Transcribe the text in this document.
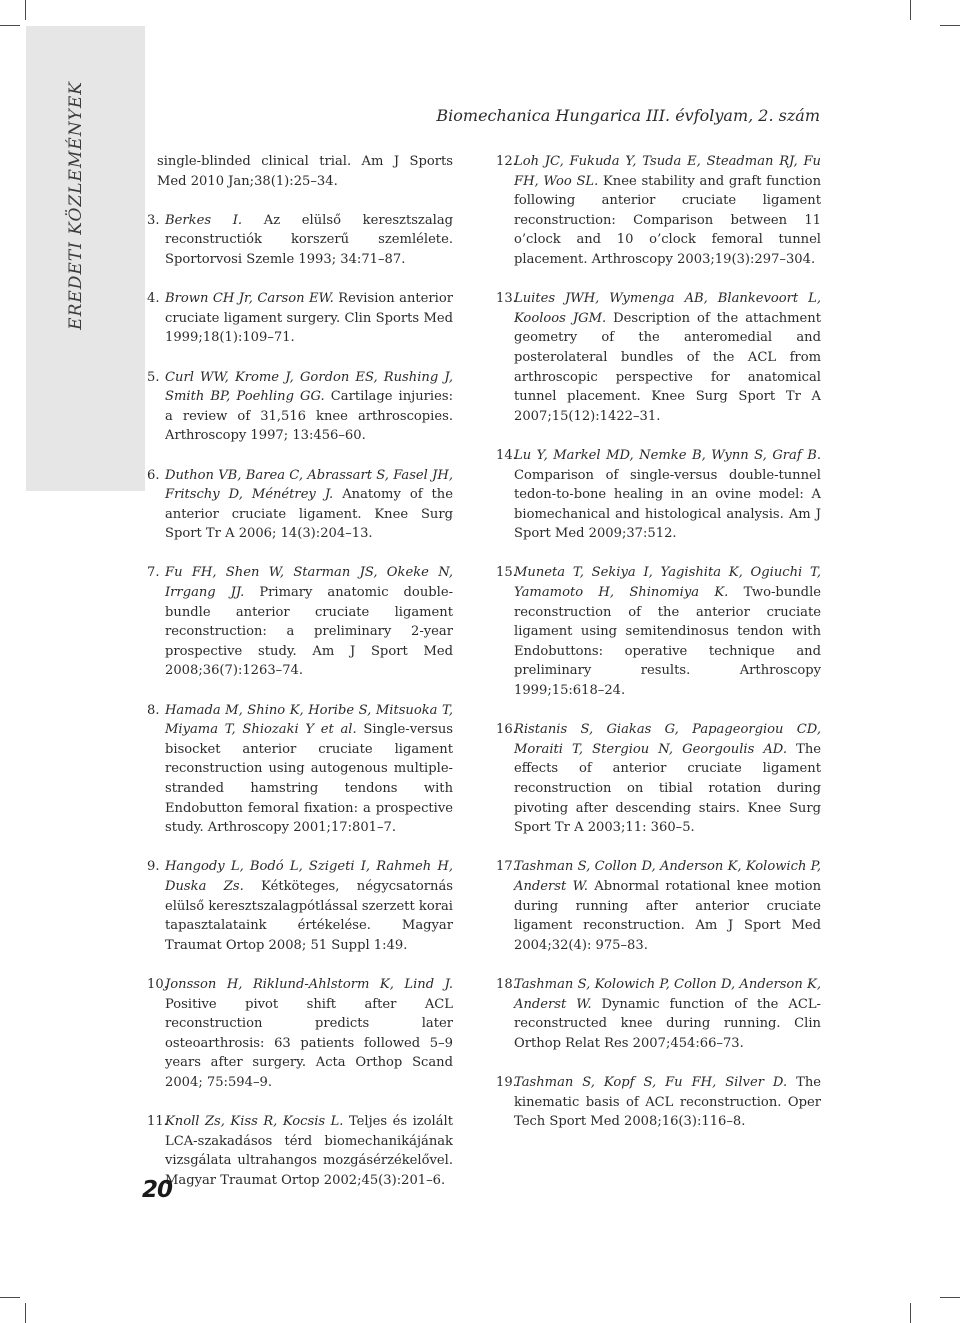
EREDETI KÖZLEMÉNYEK	Biomechanica Hungarica III. évfolyam, 2. szám
single-blinded clinical trial. Am J Sports Med 2010 Jan;38(1):25–34.
3. Berkes I. Az elülső keresztszalag reconstructiók korszerű szemlélete. Sportorvosi Szemle 1993; 34:71–87.
4. Brown CH Jr, Carson EW. Revision anterior cruciate ligament surgery. Clin Sports Med 1999;18(1):109–71.
5. Curl WW, Krome J, Gordon ES, Rushing J, Smith BP, Poehling GG. Cartilage injuries: a review of 31,516 knee arthroscopies. Arthroscopy 1997; 13:456–60.
6. Duthon VB, Barea C, Abrassart S, Fasel JH, Fritschy D, Ménétrey J. Anatomy of the anterior cruciate ligament. Knee Surg Sport Tr A 2006; 14(3):204–13.
7. Fu FH, Shen W, Starman JS, Okeke N, Irrgang JJ. Primary anatomic double-bundle anterior cruciate ligament reconstruction: a preliminary 2-year prospective study. Am J Sport Med 2008;36(7):1263–74.
8. Hamada M, Shino K, Horibe S, Mitsuoka T, Miyama T, Shiozaki Y et al. Single-versus bisocket anterior cruciate ligament reconstruction using autogenous multiple-stranded hamstring tendons with Endobutton femoral fixation: a prospective study. Arthroscopy 2001;17:801–7.
9. Hangody L, Bodó L, Szigeti I, Rahmeh H, Duska Zs. Kétköteges, négycsatornás elülső keresztszalagpótlással szerzett korai tapasztalataink értékelése. Magyar Traumat Ortop 2008; 51 Suppl 1:49.
10.
Jonsson H, Riklund-Ahlstorm K, Lind J. Positive pivot shift after ACL reconstruction predicts later osteoarthrosis: 63 patients followed 5–9 years after surgery. Acta Orthop Scand 2004; 75:594–9.
11.
Knoll Zs, Kiss R, Kocsis L. Teljes és izolált LCA-szakadásos térd biomechanikájának vizsgálata ultrahangos mozgásérzékelővel. Magyar Traumat Ortop 2002;45(3):201–6.
12.
Loh JC, Fukuda Y, Tsuda E, Steadman RJ, Fu FH, Woo SL. Knee stability and graft function following anterior cruciate ligament reconstruction: Comparison between 11 o’clock and 10 o’clock femoral tunnel placement. Arthroscopy 2003;19(3):297–304.
13.
Luites JWH, Wymenga AB, Blankevoort L, Kooloos JGM. Description of the attachment geometry of the anteromedial and posterolateral bundles of the ACL from arthroscopic perspective for anatomical tunnel placement. Knee Surg Sport Tr A 2007;15(12):1422–31.
14.
Lu Y, Markel MD, Nemke B, Wynn S, Graf B. Comparison of single-versus double-tunnel tedon-to-bone healing in an ovine model: A biomechanical and histological analysis. Am J Sport Med 2009;37:512.
15.
Muneta T, Sekiya I, Yagishita K, Ogiuchi T, Yamamoto H, Shinomiya K. Two-bundle reconstruction of the anterior cruciate ligament using semitendinosus tendon with Endobuttons: operative technique and preliminary results. Arthroscopy 1999;15:618–24.
16.
Ristanis S, Giakas G, Papageorgiou CD, Moraiti T, Stergiou N, Georgoulis AD. The effects of anterior cruciate ligament reconstruction on tibial rotation during pivoting after descending stairs. Knee Surg Sport Tr A 2003;11: 360–5.
17.
Tashman S, Collon D, Anderson K, Kolowich P, Anderst W. Abnormal rotational knee motion during running after anterior cruciate ligament reconstruction. Am J Sport Med 2004;32(4): 975–83.
18.
Tashman S, Kolowich P, Collon D, Anderson K, Anderst W. Dynamic function of the ACL-reconstructed knee during running. Clin Orthop Relat Res 2007;454:66–73.
19.
Tashman S, Kopf S, Fu FH, Silver D. The kinematic basis of ACL reconstruction. Oper Tech Sport Med 2008;16(3):116–8.
20
